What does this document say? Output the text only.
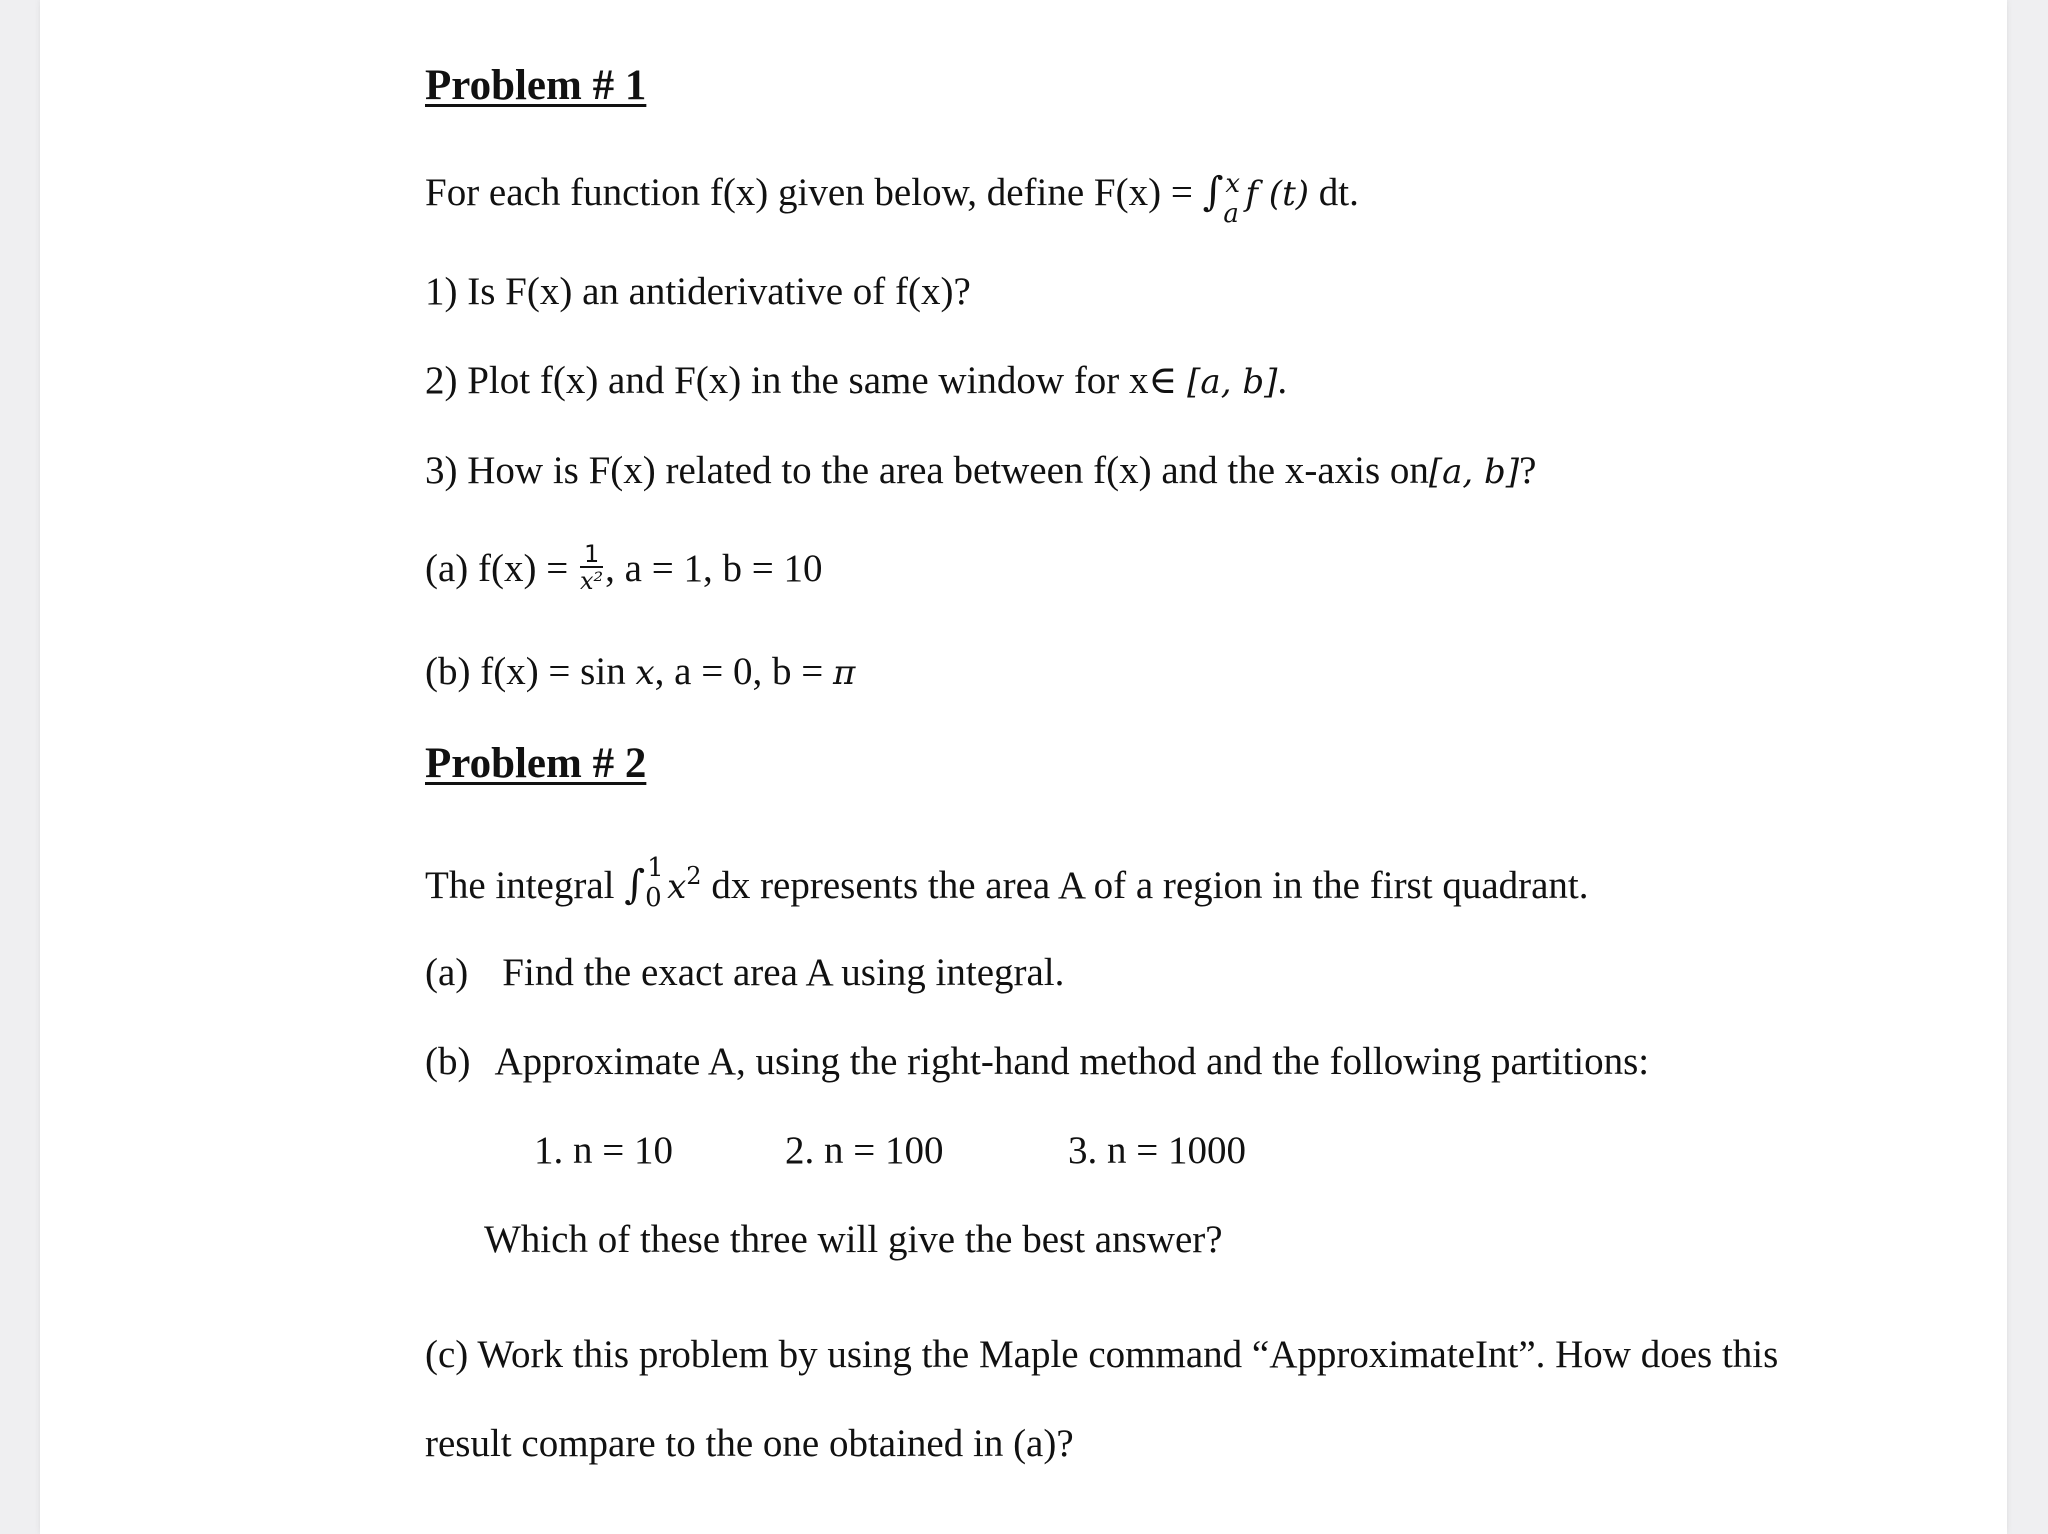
Problem # 1
For each function f(x) given below, define F(x) = ∫ x
a f (t) dt.
1) Is F(x) an antiderivative of f(x)?
2) Plot f(x) and F(x) in the same window for x∈ [a, b].
3) How is F(x) related to the area between f(x) and the x-axis on[a, b]?
(a) $f(x) = \frac{1}{\text{x²}}$ , a = 1, b = 10
(b) f(x) = sin x, a = 0, b = π
Problem # 2
The integral ∫ 1
0 $x^2$ dx represents the area A of a region in the first quadrant.
(a) Find the exact area A using integral.
(b) Approximate A, using the right-hand method and the following partitions:
1. n = 10	2. n = 100	3. n = 1000
Which of these three will give the best answer?
(c) Work this problem by using the Maple command “ApproximateInt”. How does this
result compare to the one obtained in (a)?
